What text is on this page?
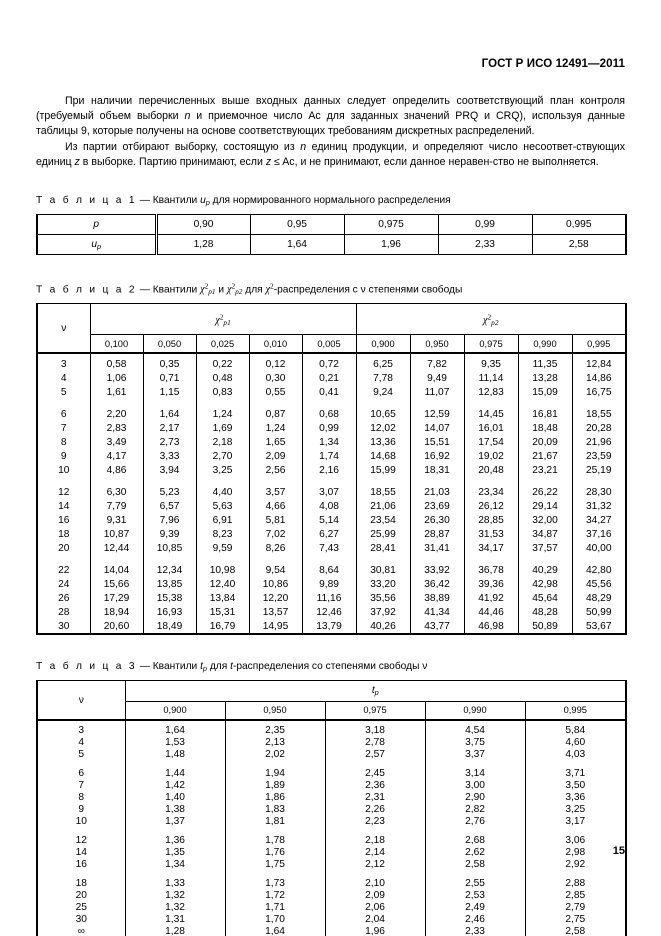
ГОСТ Р ИСО 12491—2011

При наличии перечисленных выше входных данных следует определить соответствующий план контроля (требуемый объем выборки n и приемочное число Ac для заданных значений PRQ и CRQ), используя данные таблицы 9, которые получены на основе соответствующих требованиям дискретных распределений.

Из партии отбирают выборку, состоящую из n единиц продукции, и определяют число несоответ-ствующих единиц z в выборке. Партию принимают, если z ≤ Ac, и не принимают, если данное неравен-ство не выполняется.

Т а б л и ц а 1 — Квантили $u_p$ для нормированного нормального распределения

p	0,90	0,95	0,975	0,99	0,995
$u_p$	1,28	1,64	1,96	2,33	2,58

Т а б л и ц а 2 — Квантили $\chi^2_{p1}$ и $\chi^2_{p2}$ для $\chi^2$-распределения с ν степенями свободы

ν	$\chi^2_{p1}$					$\chi^2_{p2}$
	0,100	0,050	0,025	0,010	0,005	0,900	0,950	0,975	0,990	0,995
3	0,58	0,35	0,22	0,12	0,72	6,25	7,82	9,35	11,35	12,84
4	1,06	0,71	0,48	0,30	0,21	7,78	9,49	11,14	13,28	14,86
5	1,61	1,15	0,83	0,55	0,41	9,24	11,07	12,83	15,09	16,75

6	2,20	1,64	1,24	0,87	0,68	10,65	12,59	14,45	16,81	18,55
7	2,83	2,17	1,69	1,24	0,99	12,02	14,07	16,01	18,48	20,28
8	3,49	2,73	2,18	1,65	1,34	13,36	15,51	17,54	20,09	21,96
9	4,17	3,33	2,70	2,09	1,74	14,68	16,92	19,02	21,67	23,59
10	4,86	3,94	3,25	2,56	2,16	15,99	18,31	20,48	23,21	25,19

12	6,30	5,23	4,40	3,57	3,07	18,55	21,03	23,34	26,22	28,30
14	7,79	6,57	5,63	4,66	4,08	21,06	23,69	26,12	29,14	31,32
16	9,31	7,96	6,91	5,81	5,14	23,54	26,30	28,85	32,00	34,27
18	10,87	9,39	8,23	7,02	6,27	25,99	28,87	31,53	34,87	37,16
20	12,44	10,85	9,59	8,26	7,43	28,41	31,41	34,17	37,57	40,00

22	14,04	12,34	10,98	9,54	8,64	30,81	33,92	36,78	40,29	42,80
24	15,66	13,85	12,40	10,86	9,89	33,20	36,42	39,36	42,98	45,56
26	17,29	15,38	13,84	12,20	11,16	35,56	38,89	41,92	45,64	48,29
28	18,94	16,93	15,31	13,57	12,46	37,92	41,34	44,46	48,28	50,99
30	20,60	18,49	16,79	14,95	13,79	40,26	43,77	46,98	50,89	53,67

Т а б л и ц а 3 — Квантили $t_p$ для t-распределения со степенями свободы ν

ν	$t_p$
	0,900	0,950	0,975	0,990	0,995
3	1,64	2,35	3,18	4,54	5,84
4	1,53	2,13	2,78	3,75	4,60
5	1,48	2,02	2,57	3,37	4,03

6	1,44	1,94	2,45	3,14	3,71
7	1,42	1,89	2,36	3,00	3,50
8	1,40	1,86	2,31	2,90	3,36
9	1,38	1,83	2,26	2,82	3,25
10	1,37	1,81	2,23	2,76	3,17

12	1,36	1,78	2,18	2,68	3,06
14	1,35	1,76	2,14	2,62	2,98
16	1,34	1,75	2,12	2,58	2,92

18	1,33	1,73	2,10	2,55	2,88
20	1,32	1,72	2,09	2,53	2,85
25	1,32	1,71	2,06	2,49	2,79
30	1,31	1,70	2,04	2,46	2,75
∞	1,28	1,64	1,96	2,33	2,58
15
